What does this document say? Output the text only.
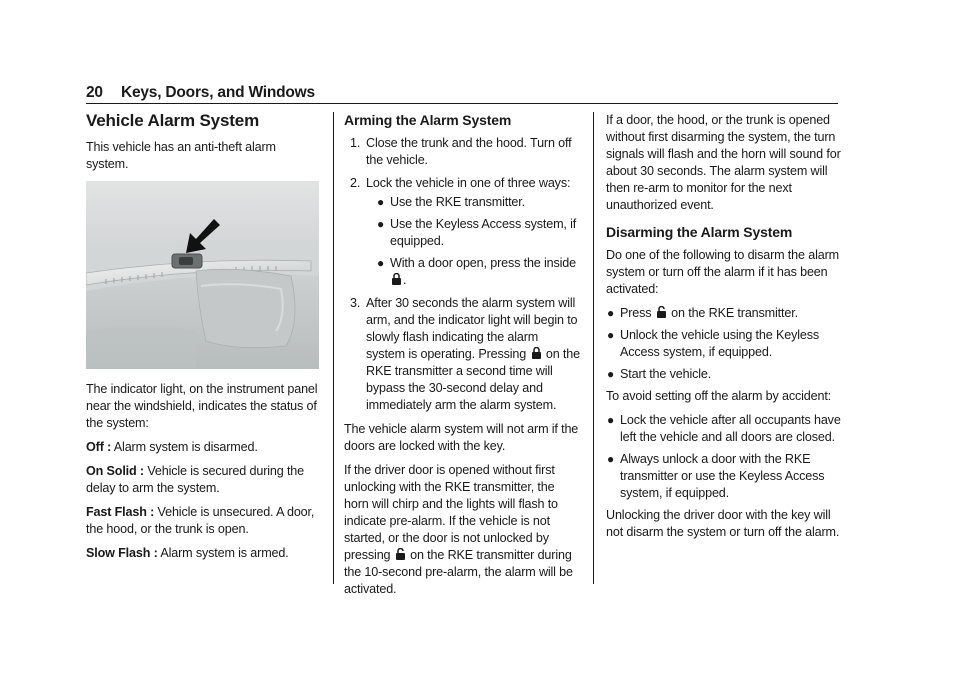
20 Keys, Doors, and Windows
Vehicle Alarm System

This vehicle has an anti-theft alarm system.

The indicator light, on the instrument panel near the windshield, indicates the status of the system:

Off : Alarm system is disarmed.

On Solid : Vehicle is secured during the delay to arm the system.

Fast Flash : Vehicle is unsecured. A door, the hood, or the trunk is open.

Slow Flash : Alarm system is armed.

Arming the Alarm System
1. Close the trunk and the hood. Turn off the vehicle.
2. Lock the vehicle in one of three ways:
● Use the RKE transmitter.
● Use the Keyless Access system, if equipped.
● With a door open, press the inside .
3. After 30 seconds the alarm system will arm, and the indicator light will begin to slowly flash indicating the alarm system is operating. Pressing on the RKE transmitter a second time will bypass the 30-second delay and immediately arm the alarm system.

The vehicle alarm system will not arm if the doors are locked with the key.

If the driver door is opened without first unlocking with the RKE transmitter, the horn will chirp and the lights will flash to indicate pre-alarm. If the vehicle is not started, or the door is not unlocked by pressing on the RKE transmitter during the 10-second pre-alarm, the alarm will be activated.

If a door, the hood, or the trunk is opened without first disarming the system, the turn signals will flash and the horn will sound for about 30 seconds. The alarm system will then re-arm to monitor for the next unauthorized event.

Disarming the Alarm System

Do one of the following to disarm the alarm system or turn off the alarm if it has been activated:

● Press on the RKE transmitter.
● Unlock the vehicle using the Keyless Access system, if equipped.
● Start the vehicle.

To avoid setting off the alarm by accident:

● Lock the vehicle after all occupants have left the vehicle and all doors are closed.
● Always unlock a door with the RKE transmitter or use the Keyless Access system, if equipped.

Unlocking the driver door with the key will not disarm the system or turn off the alarm.
